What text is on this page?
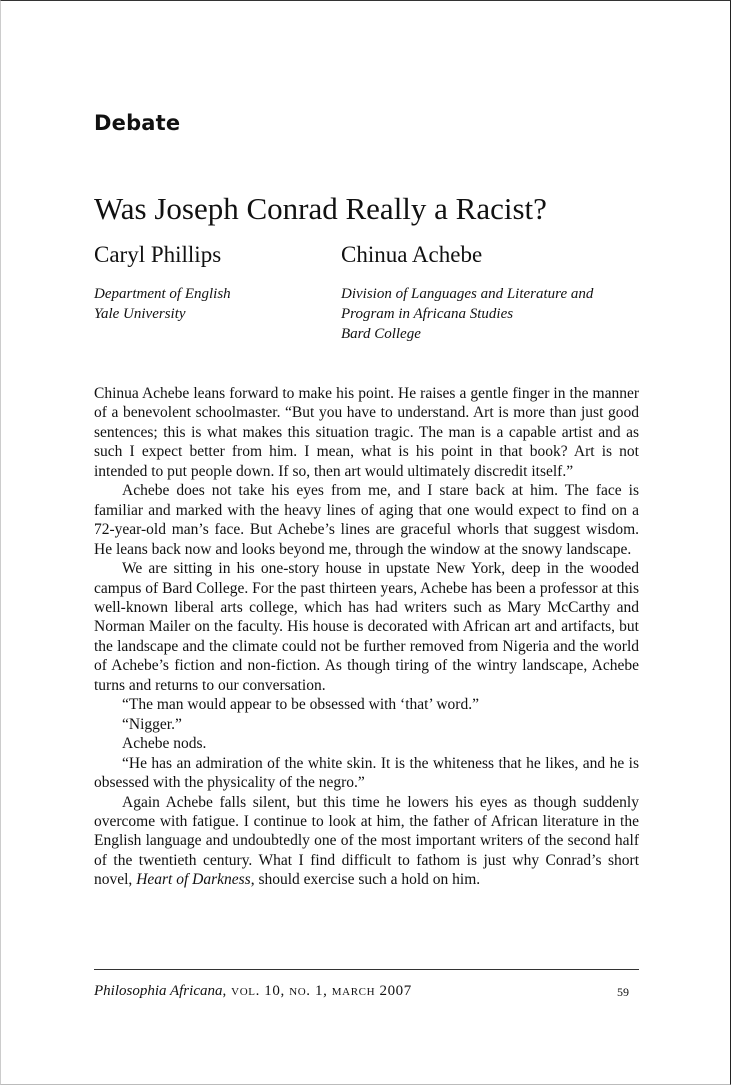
Debate
Was Joseph Conrad Really a Racist?
Caryl Phillips
Department of English
Yale University
Chinua Achebe
Division of Languages and Literature and
Program in Africana Studies
Bard College

Chinua Achebe leans forward to make his point. He raises a gentle finger in the manner of a benevolent schoolmaster. “But you have to understand. Art is more than just good sentences; this is what makes this situation tragic. The man is a capable artist and as such I expect better from him. I mean, what is his point in that book? Art is not intended to put people down. If so, then art would ultimately discredit itself.”

Achebe does not take his eyes from me, and I stare back at him. The face is familiar and marked with the heavy lines of aging that one would expect to find on a 72-year-old man’s face. But Achebe’s lines are graceful whorls that suggest wisdom. He leans back now and looks beyond me, through the window at the snowy landscape.

We are sitting in his one-story house in upstate New York, deep in the wooded campus of Bard College. For the past thirteen years, Achebe has been a professor at this well-known liberal arts college, which has had writers such as Mary McCarthy and Norman Mailer on the faculty. His house is decorated with African art and artifacts, but the landscape and the climate could not be further removed from Nigeria and the world of Achebe’s fiction and non-fiction. As though tiring of the wintry landscape, Achebe turns and returns to our conversation.

“The man would appear to be obsessed with ‘that’ word.”

“Nigger.”

Achebe nods.

“He has an admiration of the white skin. It is the whiteness that he likes, and he is obsessed with the physicality of the negro.”

Again Achebe falls silent, but this time he lowers his eyes as though suddenly overcome with fatigue. I continue to look at him, the father of African literature in the English language and undoubtedly one of the most important writers of the second half of the twentieth century. What I find difficult to fathom is just why Conrad’s short novel, Heart of Darkness, should exercise such a hold on him.

Philosophia Africana, vol. 10, no. 1, march 2007	59
